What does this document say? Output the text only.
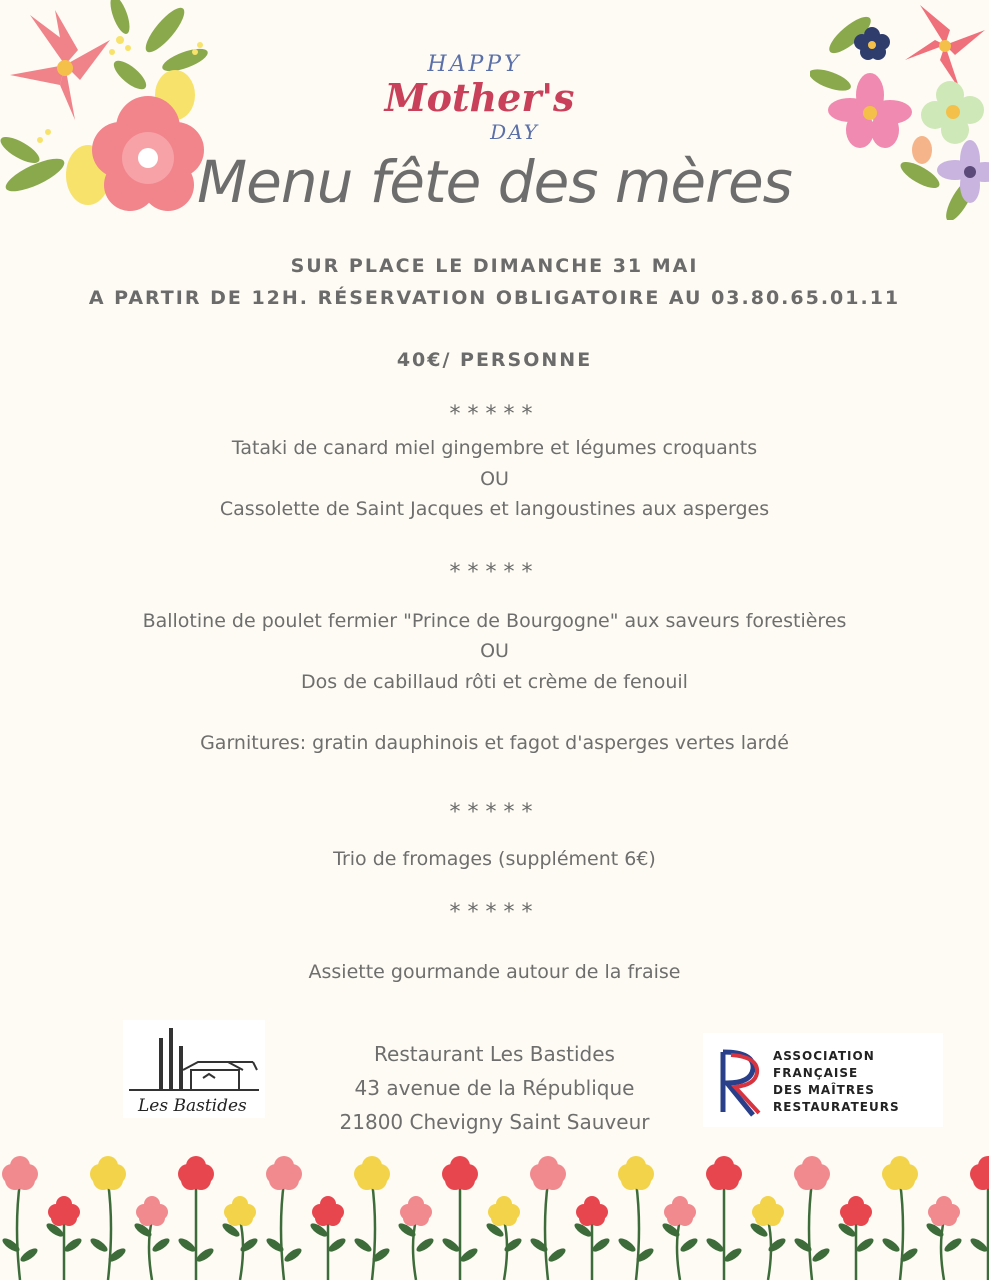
HAPPY
Mother's
DAY
Menu fête des mères
SUR PLACE LE DIMANCHE 31 MAI
A PARTIR DE 12H. RÉSERVATION OBLIGATOIRE AU 03.80.65.01.11
40€/ PERSONNE
*****
Tataki de canard miel gingembre et légumes croquants
OU
Cassolette de Saint Jacques et langoustines aux asperges
*****
Ballotine de poulet fermier "Prince de Bourgogne" aux saveurs forestières
OU
Dos de cabillaud rôti et crème de fenouil
Garnitures: gratin dauphinois et fagot d'asperges vertes lardé
*****
Trio de fromages (supplément 6€)
*****
Assiette gourmande autour de la fraise
Les Bastides
Restaurant Les Bastides
43 avenue de la République
21800 Chevigny Saint Sauveur
ASSOCIATION
FRANÇAISE
DES MAÎTRES
RESTAURATEURS
